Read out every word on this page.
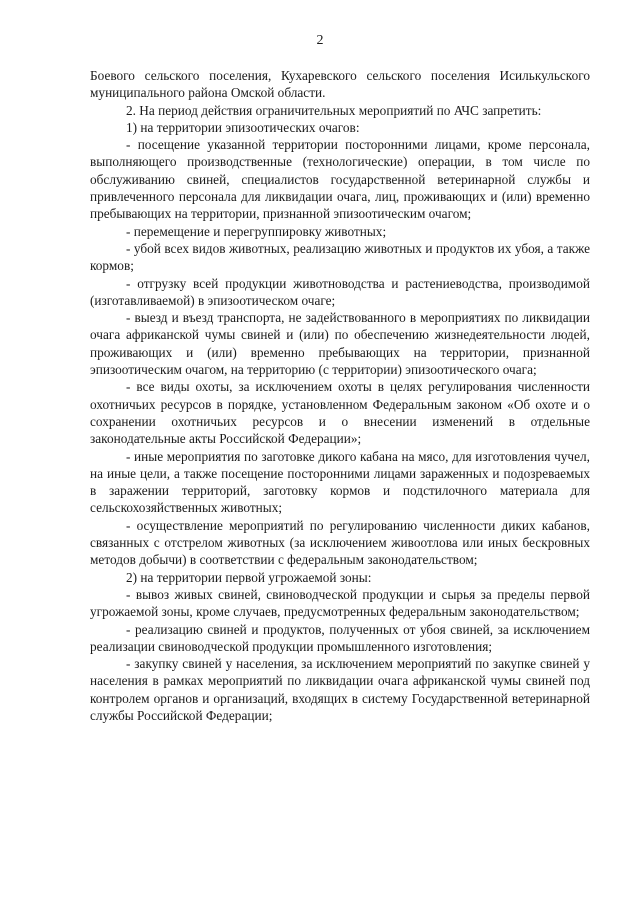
2

Боевого сельского поселения, Кухаревского сельского поселения Исилькульского муниципального района Омской области.

2. На период действия ограничительных мероприятий по АЧС запретить:

1) на территории эпизоотических очагов:

- посещение указанной территории посторонними лицами, кроме персонала, выполняющего производственные (технологические) операции, в том числе по обслуживанию свиней, специалистов государственной ветеринарной службы и привлеченного персонала для ликвидации очага, лиц, проживающих и (или) временно пребывающих на территории, признанной эпизоотическим очагом;

- перемещение и перегруппировку животных;

- убой всех видов животных, реализацию животных и продуктов их убоя, а также кормов;

- отгрузку всей продукции животноводства и растениеводства, производимой (изготавливаемой) в эпизоотическом очаге;

- выезд и въезд транспорта, не задействованного в мероприятиях по ликвидации очага африканской чумы свиней и (или) по обеспечению жизнедеятельности людей, проживающих и (или) временно пребывающих на территории, признанной эпизоотическим очагом, на территорию (с территории) эпизоотического очага;

- все виды охоты, за исключением охоты в целях регулирования численности охотничьих ресурсов в порядке, установленном Федеральным законом «Об охоте и о сохранении охотничьих ресурсов и о внесении изменений в отдельные законодательные акты Российской Федерации»;

- иные мероприятия по заготовке дикого кабана на мясо, для изготовления чучел, на иные цели, а также посещение посторонними лицами зараженных и подозреваемых в заражении территорий, заготовку кормов и подстилочного материала для сельскохозяйственных животных;

- осуществление мероприятий по регулированию численности диких кабанов, связанных с отстрелом животных (за исключением живоотлова или иных бескровных методов добычи) в соответствии с федеральным законодательством;

2) на территории первой угрожаемой зоны:

- вывоз живых свиней, свиноводческой продукции и сырья за пределы первой угрожаемой зоны, кроме случаев, предусмотренных федеральным законодательством;

- реализацию свиней и продуктов, полученных от убоя свиней, за исключением реализации свиноводческой продукции промышленного изготовления;

- закупку свиней у населения, за исключением мероприятий по закупке свиней у населения в рамках мероприятий по ликвидации очага африканской чумы свиней под контролем органов и организаций, входящих в систему Государственной ветеринарной службы Российской Федерации;
